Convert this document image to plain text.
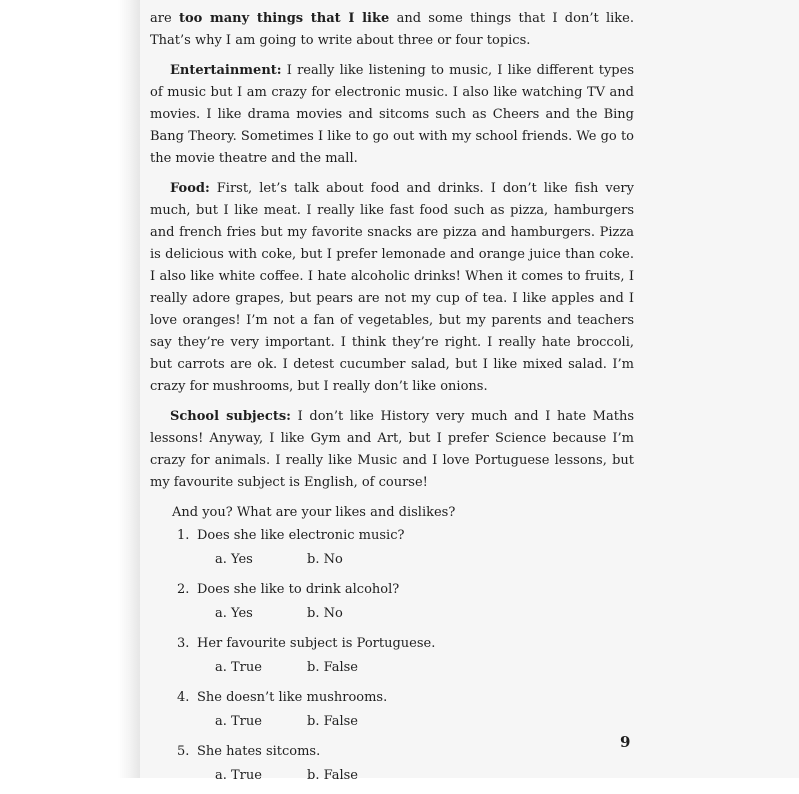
are too many things that I like and some things that I don’t like. That’s why I am going to write about three or four topics.

Entertainment: I really like listening to music, I like different types of music but I am crazy for electronic music. I also like watching TV and movies. I like drama movies and sitcoms such as Cheers and the Bing Bang Theory. Sometimes I like to go out with my school friends. We go to the movie theatre and the mall.

Food: First, let’s talk about food and drinks. I don’t like fish very much, but I like meat. I really like fast food such as pizza, hamburgers and french fries but my favorite snacks are pizza and hamburgers. Pizza is delicious with coke, but I prefer lemonade and orange juice than coke. I also like white coffee. I hate alcoholic drinks! When it comes to fruits, I really adore grapes, but pears are not my cup of tea. I like apples and I love oranges! I’m not a fan of vegetables, but my parents and teachers say they’re very important. I think they’re right. I really hate broccoli, but carrots are ok. I detest cucumber salad, but I like mixed salad. I’m crazy for mushrooms, but I really don’t like onions.

School subjects: I don’t like History very much and I hate Maths lessons! Anyway, I like Gym and Art, but I prefer Science because I’m crazy for animals. I really like Music and I love Portuguese lessons, but my favourite subject is English, of course!

And you? What are your likes and dislikes?

1. Does she like electronic music?
a. Yes	b. No
2. Does she like to drink alcohol?
a. Yes	b. No
3. Her favourite subject is Portuguese.
a. True	b. False
4. She doesn’t like mushrooms.
a. True	b. False
5. She hates sitcoms.
a. True	b. False
9
